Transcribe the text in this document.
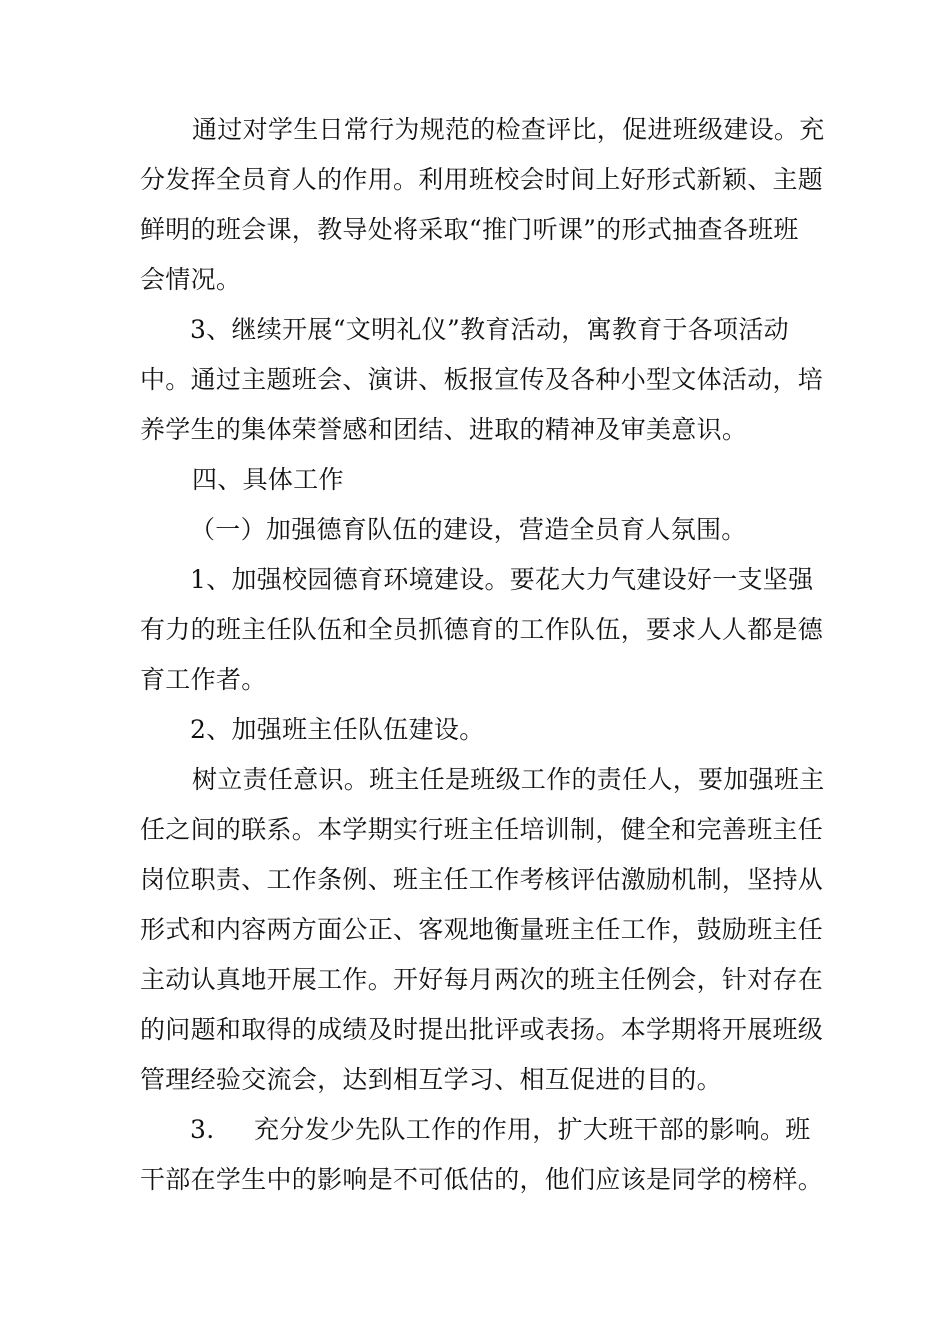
通过对学生日常行为规范的检查评比，促进班级建设。充
分发挥全员育人的作用。利用班校会时间上好形式新颖、主题
鲜明的班会课，教导处将采取“推门听课”的形式抽查各班班
会情况。
3、继续开展“文明礼仪”教育活动，寓教育于各项活动
中。通过主题班会、演讲、板报宣传及各种小型文体活动，培
养学生的集体荣誉感和团结、进取的精神及审美意识。
四、具体工作
（一）加强德育队伍的建设，营造全员育人氛围。
1、加强校园德育环境建设。要花大力气建设好一支坚强
有力的班主任队伍和全员抓德育的工作队伍，要求人人都是德
育工作者。
2、加强班主任队伍建设。
树立责任意识。班主任是班级工作的责任人，要加强班主
任之间的联系。本学期实行班主任培训制，健全和完善班主任
岗位职责、工作条例、班主任工作考核评估激励机制，坚持从
形式和内容两方面公正、客观地衡量班主任工作，鼓励班主任
主动认真地开展工作。开好每月两次的班主任例会，针对存在
的问题和取得的成绩及时提出批评或表扬。本学期将开展班级
管理经验交流会，达到相互学习、相互促进的目的。
3. 充分发少先队工作的作用，扩大班干部的影响。班
干部在学生中的影响是不可低估的，他们应该是同学的榜样。
